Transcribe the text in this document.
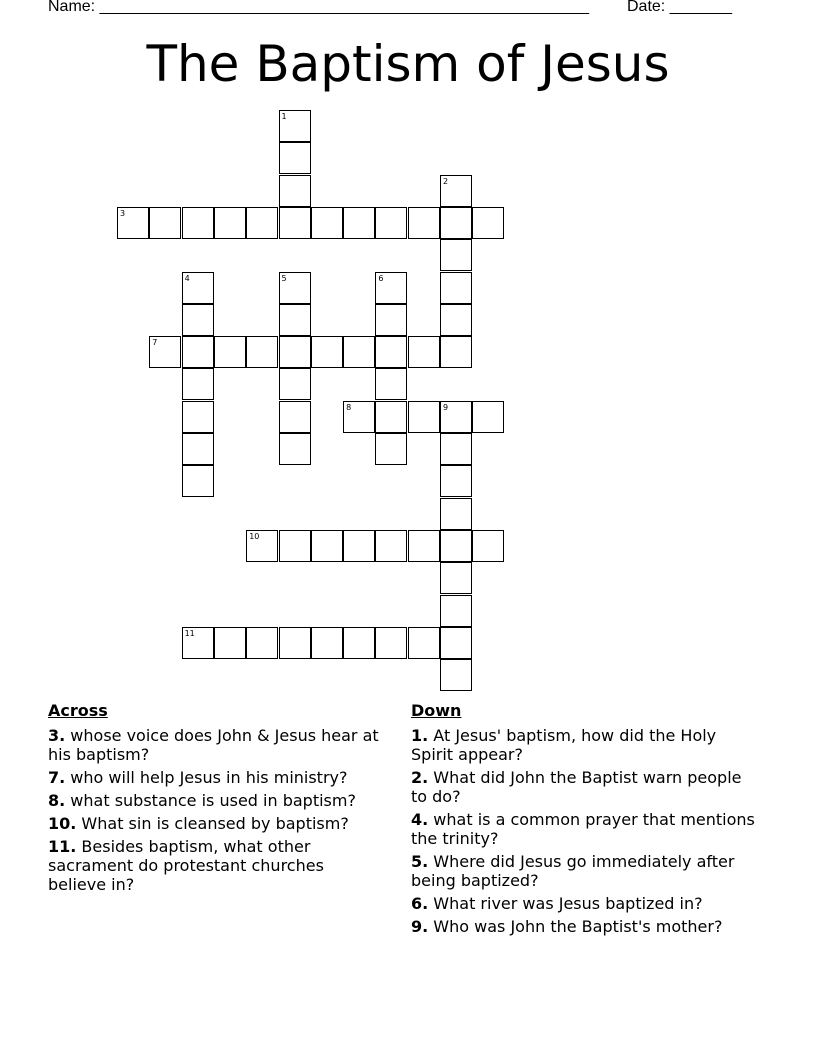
Name: _______________________________________________________ Date: _______
The Baptism of Jesus
1
2
3
4	5	6
7
8	9
10
11
Across
3. whose voice does John & Jesus hear at his baptism?
7. who will help Jesus in his ministry?
8. what substance is used in baptism?
10. What sin is cleansed by baptism?
11. Besides baptism, what other sacrament do protestant churches believe in?
Down
1. At Jesus' baptism, how did the Holy Spirit appear?
2. What did John the Baptist warn people to do?
4. what is a common prayer that mentions the trinity?
5. Where did Jesus go immediately after being baptized?
6. What river was Jesus baptized in?
9. Who was John the Baptist's mother?
